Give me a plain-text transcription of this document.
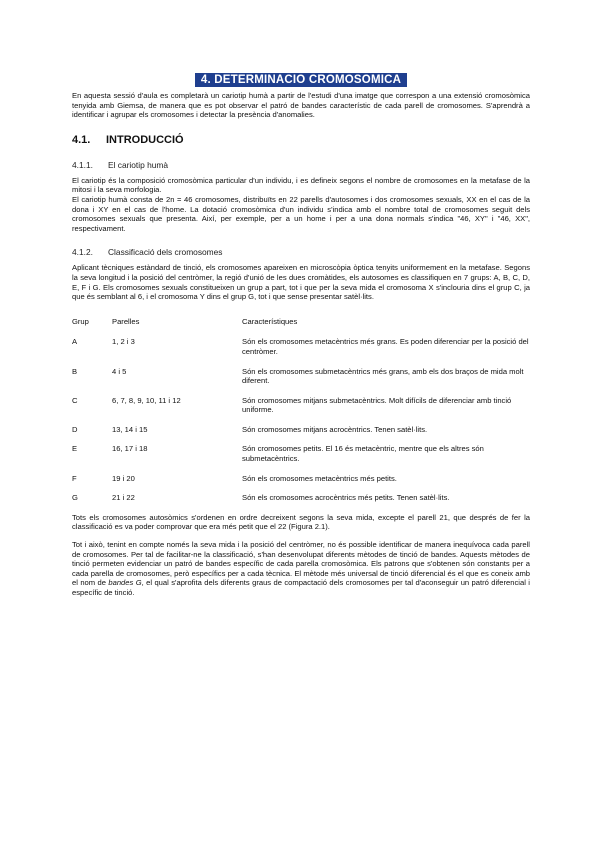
4. DETERMINACIO CROMOSOMICA

En aquesta sessió d'aula es completarà un cariotip humà a partir de l'estudi d'una imatge que correspon a una extensió cromosòmica tenyida amb Giemsa, de manera que es pot observar el patró de bandes característic de cada parell de cromosomes. S'aprendrà a identificar i agrupar els cromosomes i detectar la presència d'anomalies.

4.1.	INTRODUCCIÓ
4.1.1.	El cariotip humà

El cariotip és la composició cromosòmica particular d'un individu, i es defineix segons el nombre de cromosomes en la metafase de la mitosi i la seva morfologia.

El cariotip humà consta de 2n = 46 cromosomes, distribuïts en 22 parells d'autosomes i dos cromosomes sexuals, XX en el cas de la dona i XY en el cas de l'home. La dotació cromosòmica d'un individu s'indica amb el nombre total de cromosomes seguit dels cromosomes sexuals que presenta. Així, per exemple, per a un home i per a una dona normals s'indica "46, XY" i "46, XX", respectivament.

4.1.2.	Classificació dels cromosomes

Aplicant tècniques estàndard de tinció, els cromosomes apareixen en microscòpia òptica tenyits uniformement en la metafase. Segons la seva longitud i la posició del centròmer, la regió d'unió de les dues cromàtides, els autosomes es classifiquen en 7 grups: A, B, C, D, E, F i G. Els cromosomes sexuals constitueixen un grup a part, tot i que per la seva mida el cromosoma X s'inclouria dins el grup C, ja que és semblant al 6, i el cromosoma Y dins el grup G, tot i que sense presentar satèl·lits.

Grup	Parelles	Característiques
A	1, 2 i 3	Són els cromosomes metacèntrics més grans. Es poden diferenciar per la posició del centròmer.
B	4 i 5	Són els cromosomes submetacèntrics més grans, amb els dos braços de mida molt diferent.
C	6, 7, 8, 9, 10, 11 i 12	Són cromosomes mitjans submetacèntrics. Molt difícils de diferenciar amb tinció uniforme.
D	13, 14 i 15	Són cromosomes mitjans acrocèntrics. Tenen satèl·lits.
E	16, 17 i 18	Són cromosomes petits. El 16 és metacèntric, mentre que els altres són submetacèntrics.
F	19 i 20	Són els cromosomes metacèntrics més petits.
G	21 i 22	Són els cromosomes acrocèntrics més petits. Tenen satèl·lits.

Tots els cromosomes autosòmics s'ordenen en ordre decreixent segons la seva mida, excepte el parell 21, que després de fer la classificació es va poder comprovar que era més petit que el 22 (Figura 2.1).

Tot i això, tenint en compte només la seva mida i la posició del centròmer, no és possible identificar de manera inequívoca cada parell de cromosomes. Per tal de facilitar-ne la classificació, s'han desenvolupat diferents mètodes de tinció de bandes. Aquests mètodes de tinció permeten evidenciar un patró de bandes específic de cada parella cromosòmica. Els patrons que s'obtenen són constants per a cada parella de cromosomes, però específics per a cada tècnica. El mètode més universal de tinció diferencial és el que es coneix amb el nom de bandes G, el qual s'aprofita dels diferents graus de compactació dels cromosomes per tal d'aconseguir un patró diferencial i específic de tinció.
